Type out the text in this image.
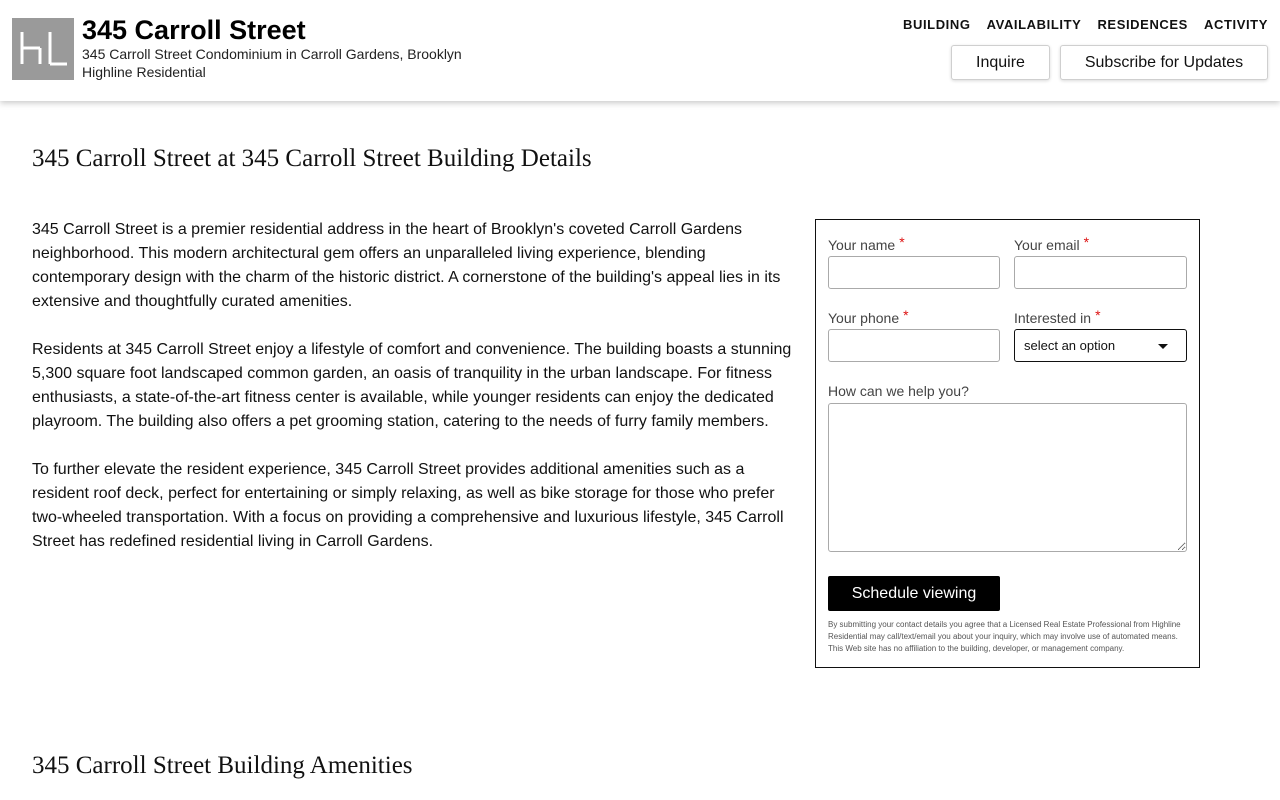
345 Carroll Street
345 Carroll Street Condominium in Carroll Gardens, Brooklyn
Highline Residential
BUILDING AVAILABILITY RESIDENCES ACTIVITY
Inquire	Subscribe for Updates
345 Carroll Street at 345 Carroll Street Building Details

345 Carroll Street is a premier residential address in the heart of Brooklyn's coveted Carroll Gardens neighborhood. This modern architectural gem offers an unparalleled living experience, blending contemporary design with the charm of the historic district. A cornerstone of the building's appeal lies in its extensive and thoughtfully curated amenities.

Residents at 345 Carroll Street enjoy a lifestyle of comfort and convenience. The building boasts a stunning 5,300 square foot landscaped common garden, an oasis of tranquility in the urban landscape. For fitness enthusiasts, a state-of-the-art fitness center is available, while younger residents can enjoy the dedicated playroom. The building also offers a pet grooming station, catering to the needs of furry family members.

To further elevate the resident experience, 345 Carroll Street provides additional amenities such as a resident roof deck, perfect for entertaining or simply relaxing, as well as bike storage for those who prefer two-wheeled transportation. With a focus on providing a comprehensive and luxurious lifestyle, 345 Carroll Street has redefined residential living in Carroll Gardens.

Your name *	Your email *
Your phone *	Interested in *
select an option
How can we help you?
Schedule viewing
By submitting your contact details you agree that a Licensed Real Estate Professional from Highline Residential may call/text/email you about your inquiry, which may involve use of automated means. This Web site has no affiliation to the building, developer, or management company.
345 Carroll Street Building Amenities
